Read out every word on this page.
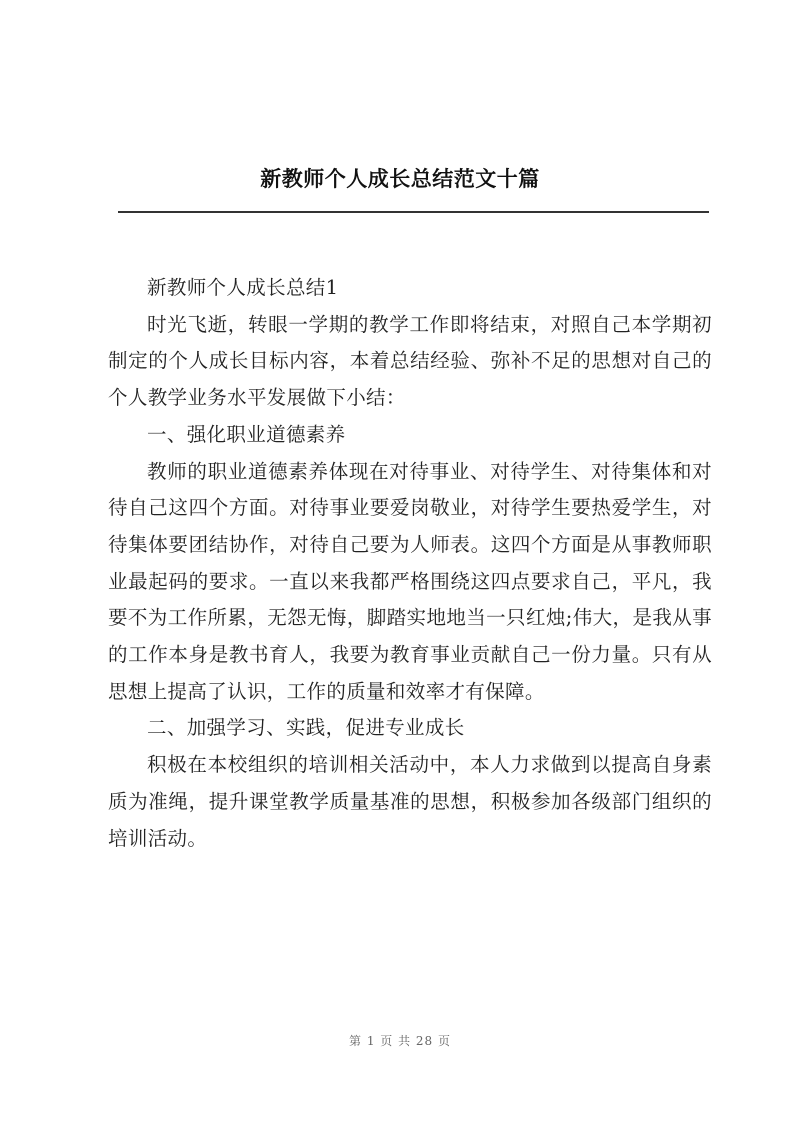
新教师个人成长总结范文十篇

新教师个人成长总结1

时光飞逝，转眼一学期的教学工作即将结束，对照自己本学期初制定的个人成长目标内容，本着总结经验、弥补不足的思想对自己的个人教学业务水平发展做下小结：

一、强化职业道德素养

教师的职业道德素养体现在对待事业、对待学生、对待集体和对待自己这四个方面。对待事业要爱岗敬业，对待学生要热爱学生，对待集体要团结协作，对待自己要为人师表。这四个方面是从事教师职业最起码的要求。一直以来我都严格围绕这四点要求自己，平凡，我要不为工作所累，无怨无悔，脚踏实地地当一只红烛;伟大，是我从事的工作本身是教书育人，我要为教育事业贡献自己一份力量。只有从思想上提高了认识，工作的质量和效率才有保障。

二、加强学习、实践，促进专业成长

积极在本校组织的培训相关活动中，本人力求做到以提高自身素质为准绳，提升课堂教学质量基准的思想，积极参加各级部门组织的培训活动。

第 1 页 共 28 页
